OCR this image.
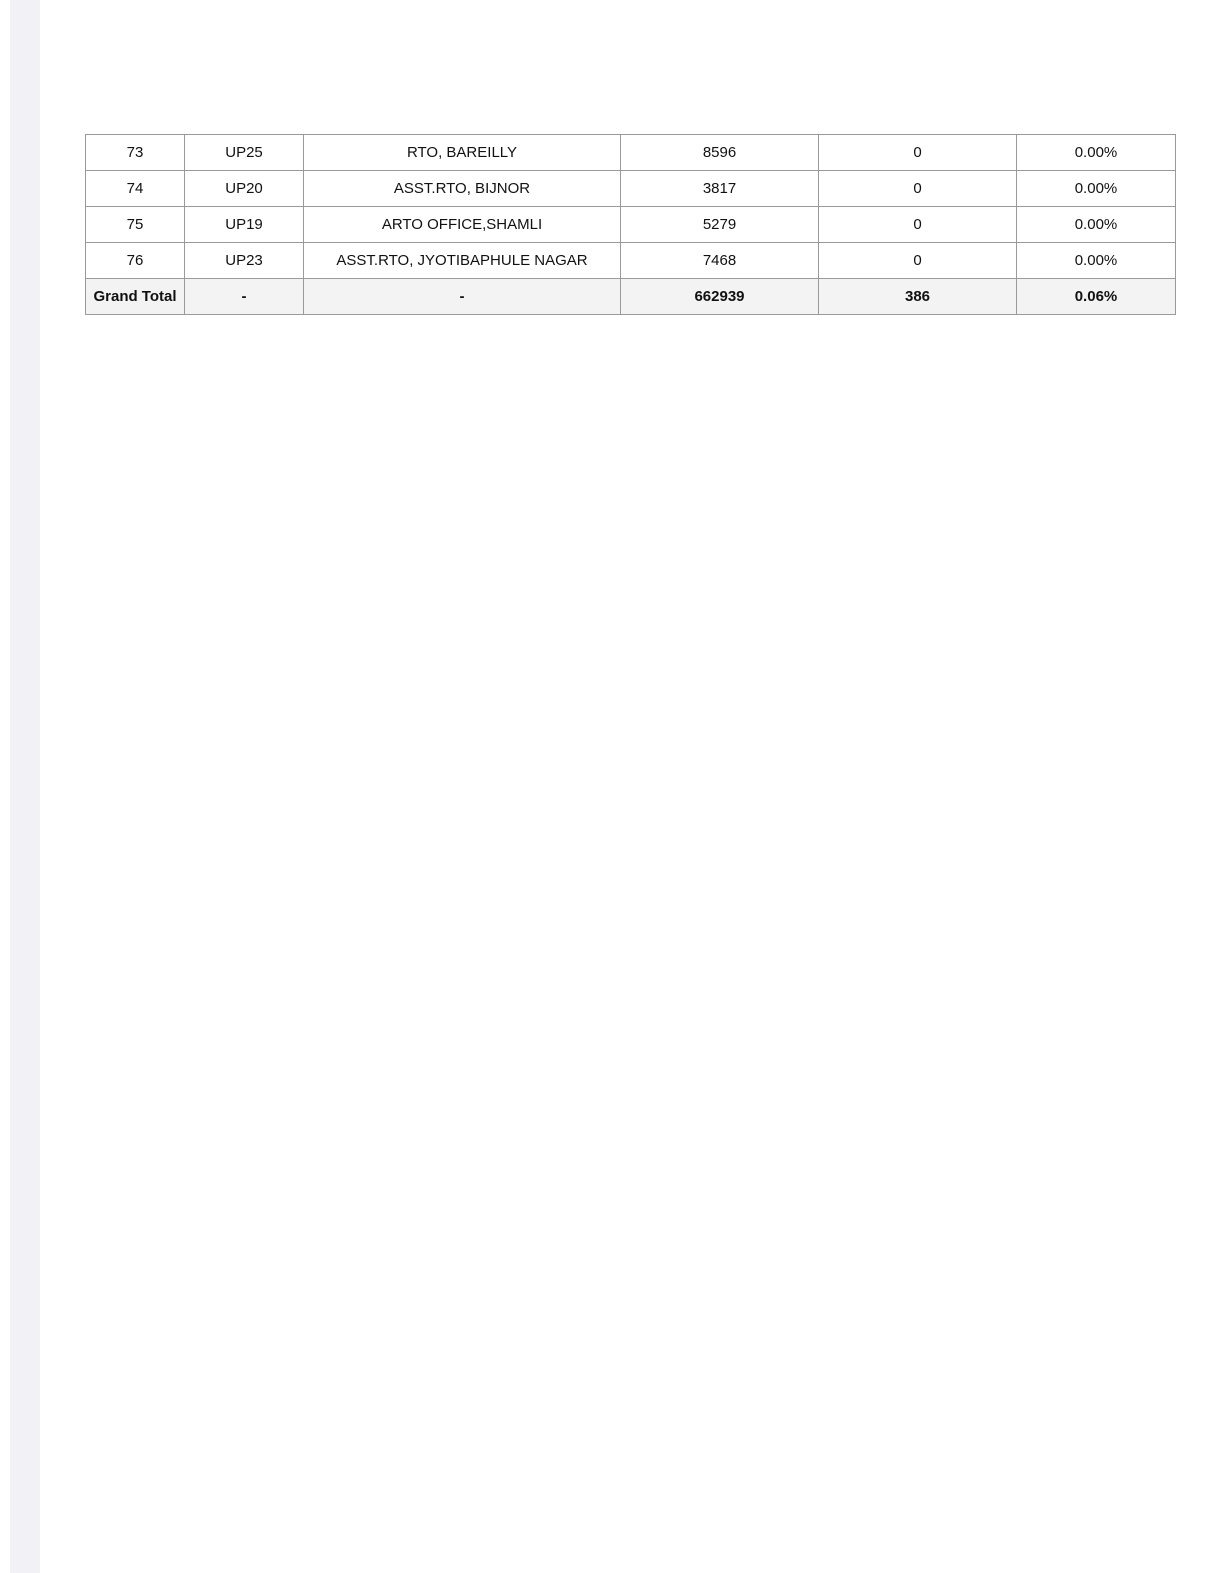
73	UP25	RTO, BAREILLY	8596	0	0.00%
74	UP20	ASST.RTO, BIJNOR	3817	0	0.00%
75	UP19	ARTO OFFICE,SHAMLI	5279	0	0.00%
76	UP23	ASST.RTO, JYOTIBAPHULE NAGAR	7468	0	0.00%
Grand Total	-	-	662939	386	0.06%
